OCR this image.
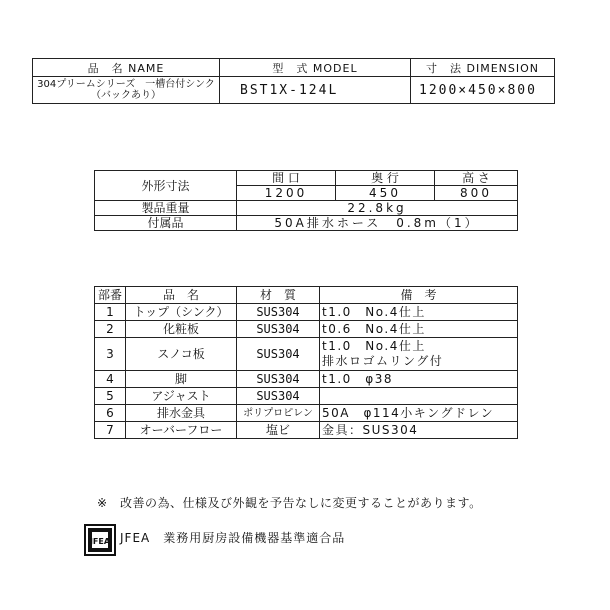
品　名 NAME	型　式 MODEL	寸　法 DIMENSION

304プリームシリーズ　一槽台付シンク
（バックあり）	BST1X-124L	1200×450×800
外形寸法	間 口	奥 行	高 さ
	1200	450	800
製品重量	22.8kg		
付属品	50A排水ホース　0.8m（1）		
部番	品　名	材　質	備　考
1	トップ（シンク）	SUS304	t1.0　No.4仕上
2	化粧板	SUS304	t0.6　No.4仕上
3	スノコ板	SUS304	t1.0　No.4仕上
排水ロゴムリング付

4	脚	SUS304	t1.0　φ38
5	アジャスト	SUS304	
6	排水金具	ポリプロピレン	50A　φ114小キングドレン
7	オーバーフロー	塩ビ	金具：SUS304
※　改善の為、仕様及び外観を予告なしに変更することがあります。
JFEA JFEA　業務用厨房設備機器基準適合品
